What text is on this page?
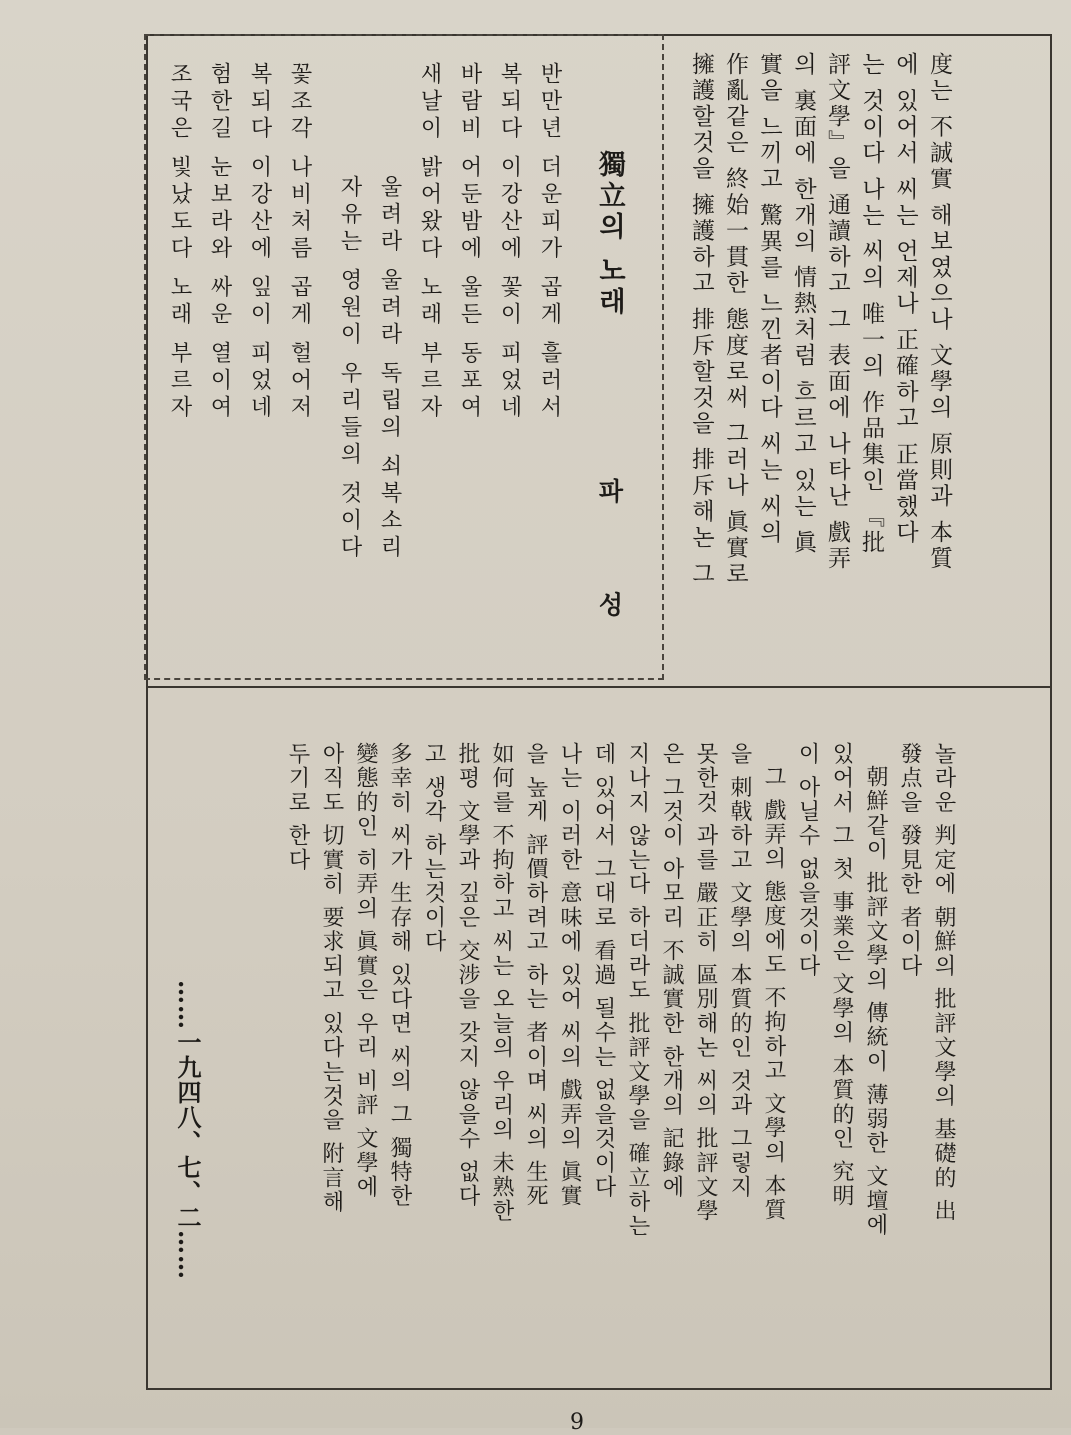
度는 不誠實 해보였으나 文學의 原則과 本質
에 있어서 씨는 언제나 正確하고 正當했다
는 것이다 나는 씨의 唯一의 作品集인 『批
評文學』을 通讀하고 그 表面에 나타난 戲弄
의 裏面에 한개의 情熱처럼 흐르고 있는 眞
實을 느끼고 驚異를 느낀者이다 씨는 씨의
作亂같은 終始一貫한 態度로써 그러나 眞實로
擁護할것을 擁護하고 排斥할것을 排斥해논 그
獨立의 노래
파 성
반만년 더운피가 곱게 흘러서
복되다 이강산에 꽃이 피었네
바람비 어둔밤에 울든 동포여
새날이 밝어왔다 노래 부르자
울려라 울려라 독립의 쇠복소리
자유는 영원이 우리들의 것이다
꽃조각 나비처름 곱게 헐어저
복되다 이강산에 잎이 피었네
험한길 눈보라와 싸운 열이여
조국은 빛났도다 노래 부르자
놀라운 判定에 朝鮮의 批評文學의 基礎的 出
發点을 發見한 者이다
朝鮮같이 批評文學의 傳統이 薄弱한 文壇에
있어서 그 첫 事業은 文學의 本質的인 究明
이 아닐수 없을것이다
그 戲弄의 態度에도 不拘하고 文學의 本質
을 刺戟하고 文學의 本質的인 것과 그렇지
못한것 과를 嚴正히 區別해논 씨의 批評文學
은 그것이 아모리 不誠實한 한개의 記錄에
지나지 않는다 하더라도 批評文學을 確立하는
데 있어서 그대로 看過 될수는 없을것이다
나는 이러한 意味에 있어 씨의 戲弄의 眞實
을 높게 評價하려고 하는 者이며 씨의 生死
如何를 不拘하고 씨는 오늘의 우리의 未熟한
批평 文學과 깊은 交涉을 갖지 않을수 없다
고 생각 하는것이다
多幸히 씨가 生存해 있다면 씨의 그 獨特한
變態的인 히弄의 眞實은 우리 비評 文學에
아직도 切實히 要求되고 있다는것을 附言해
두기로 한다
……一九四八、七、二……
9
